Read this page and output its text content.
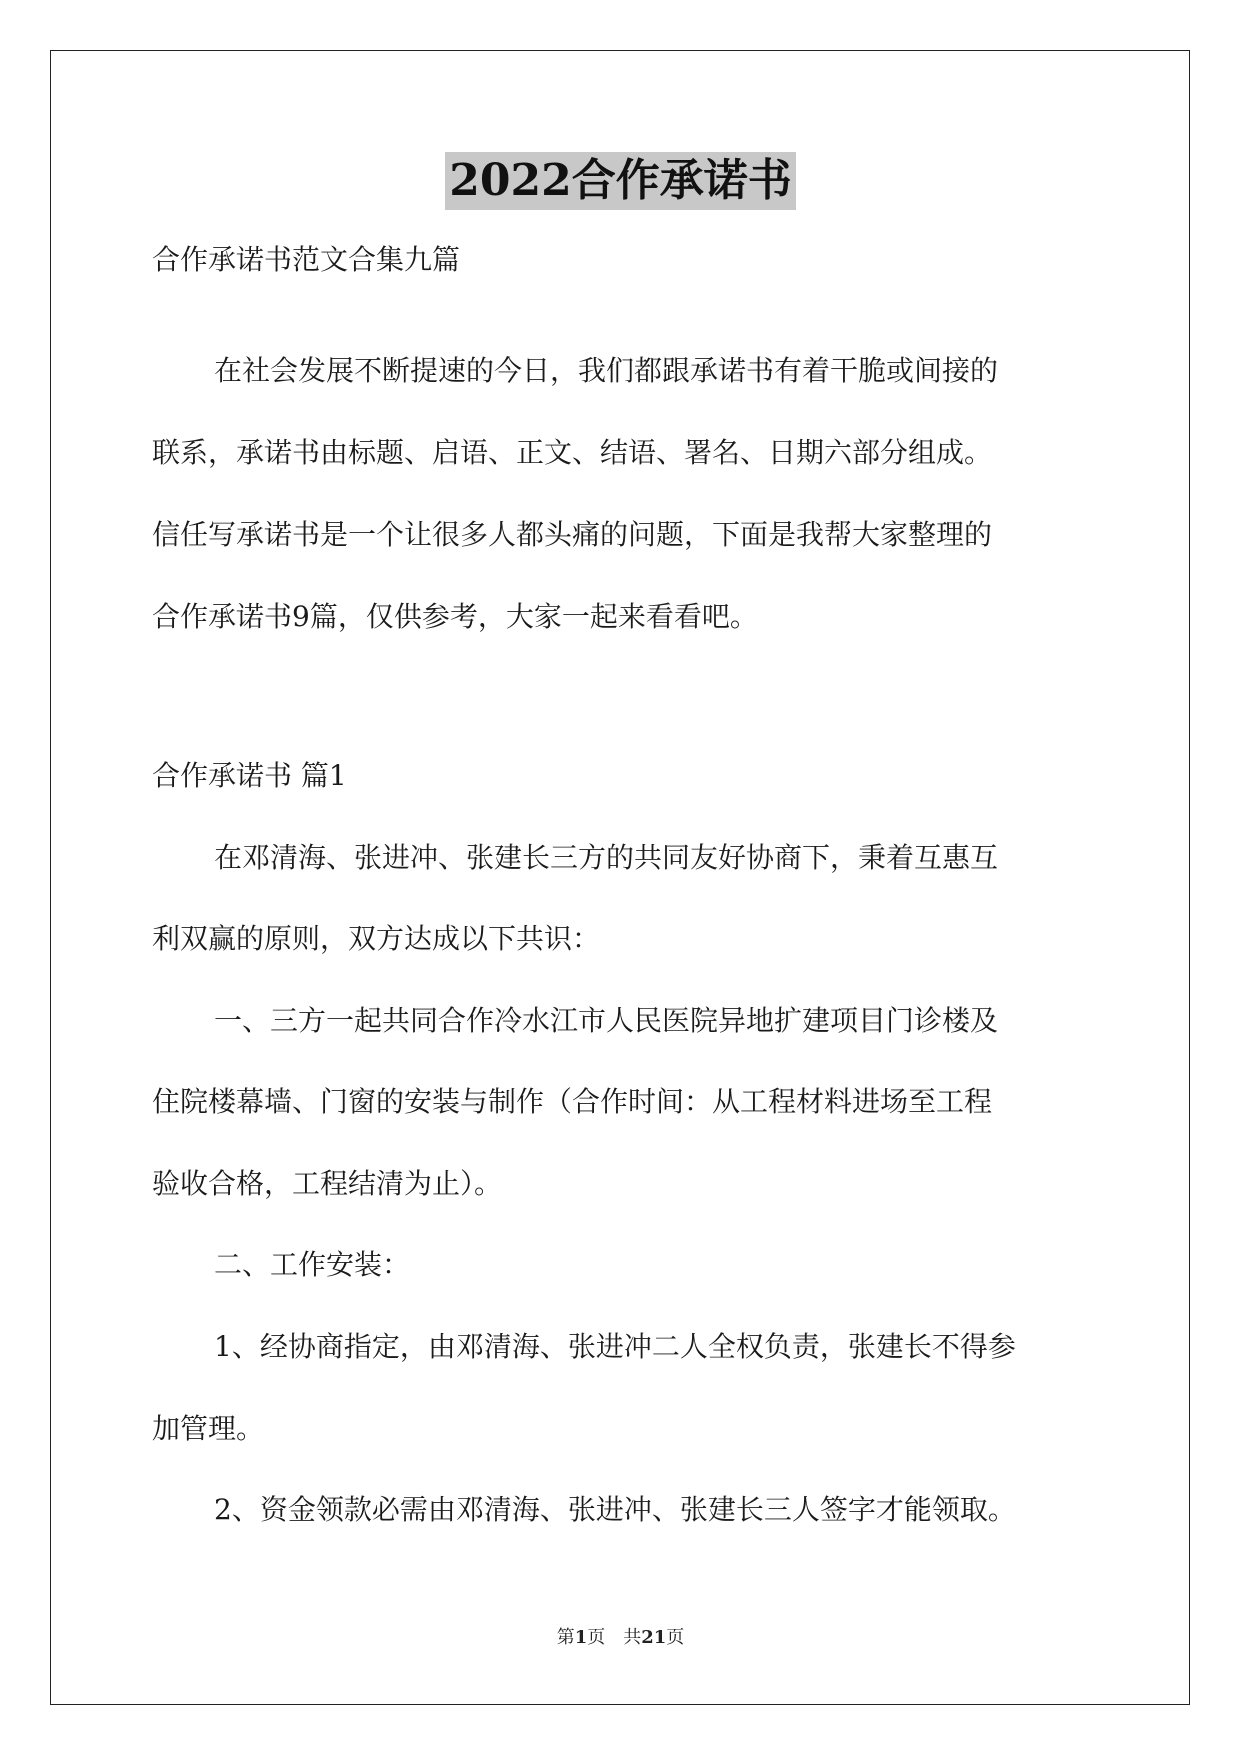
2022合作承诺书
合作承诺书范文合集九篇
在社会发展不断提速的今日，我们都跟承诺书有着干脆或间接的
联系，承诺书由标题、启语、正文、结语、署名、日期六部分组成。
信任写承诺书是一个让很多人都头痛的问题，下面是我帮大家整理的
合作承诺书9篇，仅供参考，大家一起来看看吧。
合作承诺书 篇1
在邓清海、张进冲、张建长三方的共同友好协商下，秉着互惠互
利双赢的原则，双方达成以下共识：
一、三方一起共同合作冷水江市人民医院异地扩建项目门诊楼及
住院楼幕墙、门窗的安装与制作（合作时间：从工程材料进场至工程
验收合格，工程结清为止）。
二、工作安装：
1、经协商指定，由邓清海、张进冲二人全权负责，张建长不得参
加管理。
2、资金领款必需由邓清海、张进冲、张建长三人签字才能领取。
第1页　共21页
